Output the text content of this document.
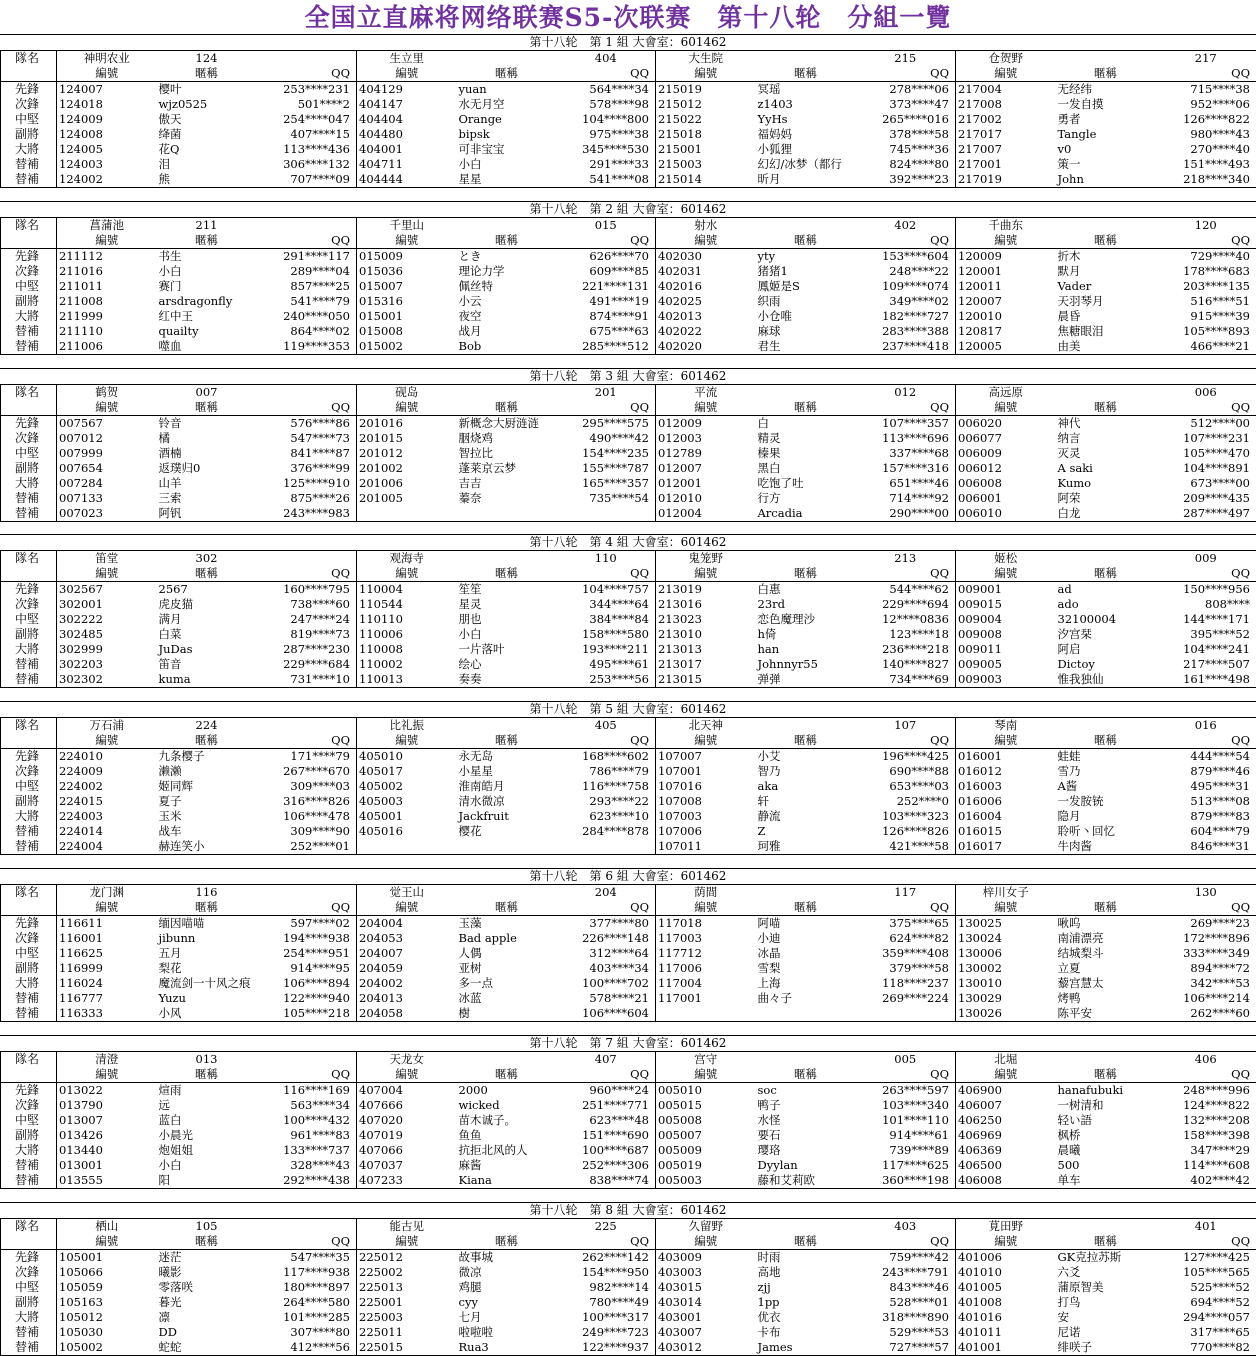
全国立直麻将网络联赛S5-次联赛　第十八轮　分組一覽
第十八轮　第 1 組 大會室：601462
隊名	神明农业	124		生立里		404	大生院		215	仓贺野		217
	編號	暱稱	QQ	編號	暱稱	QQ	編號	暱稱	QQ	編號	暱稱	QQ
先鋒	124007	樱叶	253****231	404129	yuan	564****34	215019	冥瑶	278****06	217004	无经纬	715****38
次鋒	124018	wjz0525	501****2	404147	水无月空	578****98	215012	z1403	373****47	217008	一发自摸	952****06
中堅	124009	傲天	254****047	404404	Orange	104****800	215022	YyHs	265****016	217002	勇者	126****822
副將	124008	绛菌	407****15	404480	bipsk	975****38	215018	福妈妈	378****58	217017	Tangle	980****43
大將	124005	花Q	113****436	404001	可非宝宝	345****530	215001	小狐狸	745****36	217007	v0	270****40
替補	124003	泪	306****132	404711	小白	291****33	215003	幻幻/冰梦（都行	824****80	217001	策一	151****493
替補	124002	熊	707****09	404444	星星	541****08	215014	昕月	392****23	217019	John	218****340
第十八轮　第 2 組 大會室：601462
隊名	菖蒲池	211		千里山		015	射水		402	千曲东		120
	編號	暱稱	QQ	編號	暱稱	QQ	編號	暱稱	QQ	編號	暱稱	QQ
先鋒	211112	书生	291****117	015009	とき	626****70	402030	yty	153****604	120009	折木	729****40
次鋒	211016	小白	289****04	015036	理论力学	609****85	402031	猪猪1	248****22	120001	默月	178****683
中堅	211011	赛门	857****25	015007	佩丝特	221****131	402016	鳳姬是S	109****074	120011	Vader	203****135
副將	211008	arsdragonfly	541****79	015316	小云	491****19	402025	织雨	349****02	120007	天羽琴月	516****51
大將	211999	红中王	240****050	015001	夜空	874****91	402013	小仓唯	182****727	120010	晨昏	915****39
替補	211110	quailty	864****02	015008	战月	675****63	402022	麻球	283****388	120817	焦糖眼泪	105****893
替補	211006	噬血	119****353	015002	Bob	285****512	402020	君生	237****418	120005	由美	466****21
第十八轮　第 3 組 大會室：601462
隊名	鹤贺	007		砚岛		201	平流		012	高远原		006
	編號	暱稱	QQ	編號	暱稱	QQ	編號	暱稱	QQ	編號	暱稱	QQ
先鋒	007567	铃音	576****86	201016	新概念大厨涟涟	295****575	012009	白	107****357	006020	神代	512****00
次鋒	007012	橘	547****73	201015	胭烧鸡	490****42	012003	精灵	113****696	006077	纳言	107****231
中堅	007999	酒楠	841****87	201012	智拉比	154****235	012789	榛果	337****68	006009	灭灵	105****470
副將	007654	返璞归0	376****99	201002	蓬莱京云梦	155****787	012007	黑白	157****316	006012	A saki	104****891
大將	007284	山羊	125****910	201006	吉吉	165****357	012001	吃饱了吐	651****46	006008	Kumo	673****00
替補	007133	三索	875****26	201005	蓁奈	735****54	012010	行方	714****92	006001	阿荣	209****435
替補	007023	阿钒	243****983				012004	Arcadia	290****00	006010	白龙	287****497
第十八轮　第 4 組 大會室：601462
隊名	笛堂	302		观海寺		110	鬼笼野		213	姬松		009
	編號	暱稱	QQ	編號	暱稱	QQ	編號	暱稱	QQ	編號	暱稱	QQ
先鋒	302567	2567	160****795	110004	笙笙	104****757	213019	白惠	544****62	009001	ad	150****956
次鋒	302001	虎皮猫	738****60	110544	星灵	344****64	213016	23rd	229****694	009015	ado	808****
中堅	302222	满月	247****24	110110	朋也	384****84	213023	恋色魔理沙	12****0836	009004	32100004	144****171
副將	302485	白菜	819****73	110006	小白	158****580	213010	h倚	123****18	009008	汐宫栞	395****52
大將	302999	JuDas	287****230	110008	一片落叶	193****211	213013	han	236****218	009011	阿启	104****241
替補	302203	笛音	229****684	110002	绘心	495****61	213017	Johnnyr55	140****827	009005	Dictoy	217****507
替補	302302	kuma	731****10	110013	奏奏	253****56	213015	弹弹	734****69	009003	惟我独仙	161****498
第十八轮　第 5 組 大會室：601462
隊名	万石浦	224		比礼振		405	北天神		107	琴南		016
	編號	暱稱	QQ	編號	暱稱	QQ	編號	暱稱	QQ	編號	暱稱	QQ
先鋒	224010	九条樱子	171****79	405010	永无岛	168****602	107007	小艾	196****425	016001	蛙蛙	444****54
次鋒	224009	濑濑	267****670	405017	小星星	786****79	107001	智乃	690****88	016012	雪乃	879****46
中堅	224002	姬同辉	309****03	405002	淮南皓月	116****758	107016	aka	653****03	016003	A酱	495****31
副將	224015	夏子	316****826	405003	清水微凉	293****22	107008	轩	252****0	016006	一发胺铳	513****08
大將	224003	玉米	106****478	405001	Jackfruit	623****10	107003	静流	103****323	016004	隐月	879****83
替補	224014	战车	309****90	405016	樱花	284****878	107006	Z	126****826	016015	聆听丶回忆	604****79
替補	224004	赫连笑小	252****01				107011	珂雅	421****58	016017	牛肉酱	846****31
第十八轮　第 6 組 大會室：601462
隊名	龙门渊	116		觉王山		204	荫間		117	梓川女子		130
	編號	暱稱	QQ	編號	暱稱	QQ	編號	暱稱	QQ	編號	暱稱	QQ
先鋒	116611	缅因喵喵	597****02	204004	玉藻	377****80	117018	阿喵	375****65	130025	啾呜	269****23
次鋒	116001	jibunn	194****938	204053	Bad apple	226****148	117003	小迪	624****82	130024	南浦漂亮	172****896
中堅	116625	五月	254****951	204007	人偶	312****64	117712	冰晶	359****408	130006	结城梨斗	333****349
副將	116999	梨花	914****95	204059	亚树	403****34	117006	雪梨	379****58	130002	立夏	894****72
大將	116024	魔流剑一十风之痕	106****894	204002	多一点	100****702	117004	上海	118****237	130010	藜宫慧太	342****53
替補	116777	Yuzu	122****940	204013	冰蓝	578****21	117001	曲々子	269****224	130029	烤鸭	106****214
替補	116333	小风	105****218	204058	樹	106****604				130026	陈平安	262****60
第十八轮　第 7 組 大會室：601462
隊名	清澄	013		天龙女		407	宫守		005	北堀		406
	編號	暱稱	QQ	編號	暱稱	QQ	編號	暱稱	QQ	編號	暱稱	QQ
先鋒	013022	煊雨	116****169	407004	2000	960****24	005010	soc	263****597	406900	hanafubuki	248****996
次鋒	013790	远	563****34	407666	wicked	251****771	005015	鸭子	103****340	406007	一树清和	124****822
中堅	013007	蓝白	100****432	407020	苗木诚子。	623****48	005008	水怪	101****110	406250	轻い語	132****208
副將	013426	小晨光	961****83	407019	鱼鱼	151****690	005007	要石	914****61	406969	枫桥	158****398
大將	013440	炮姐姐	133****737	407066	抗拒北风的人	100****687	005009	璎珞	739****89	406369	晨曦	347****29
替補	013001	小白	328****43	407037	麻酱	252****306	005019	Dyylan	117****625	406500	500	114****608
替補	013555	阳	292****438	407233	Kiana	838****74	005003	藤和艾莉欧	360****198	406008	单车	402****42
第十八轮　第 8 組 大會室：601462
隊名	栖山	105		能古见		225	久留野		403	莧田野		401
	編號	暱稱	QQ	編號	暱稱	QQ	編號	暱稱	QQ	編號	暱稱	QQ
先鋒	105001	迷茫	547****35	225012	故事城	262****142	403009	时雨	759****42	401006	GK克拉苏斯	127****425
次鋒	105066	曦影	117****938	225002	微凉	154****950	403003	高地	243****791	401010	六爻	105****565
中堅	105059	零落咲	180****897	225013	鸡腿	982****14	403015	zjj	843****46	401005	蒲原智美	525****52
副將	105163	暮光	264****580	225001	cyy	780****49	403014	1pp	528****01	401008	打鸟	694****52
大將	105012	凛	101****285	225003	七月	100****317	403001	优衣	318****890	401016	安	294****057
替補	105030	DD	307****80	225011	啦啦啦	249****723	403007	卡布	529****53	401011	尼诺	317****65
替補	105002	蛇蛇	412****56	225015	Rua3	122****937	403012	James	727****57	401001	绯咲子	770****82
